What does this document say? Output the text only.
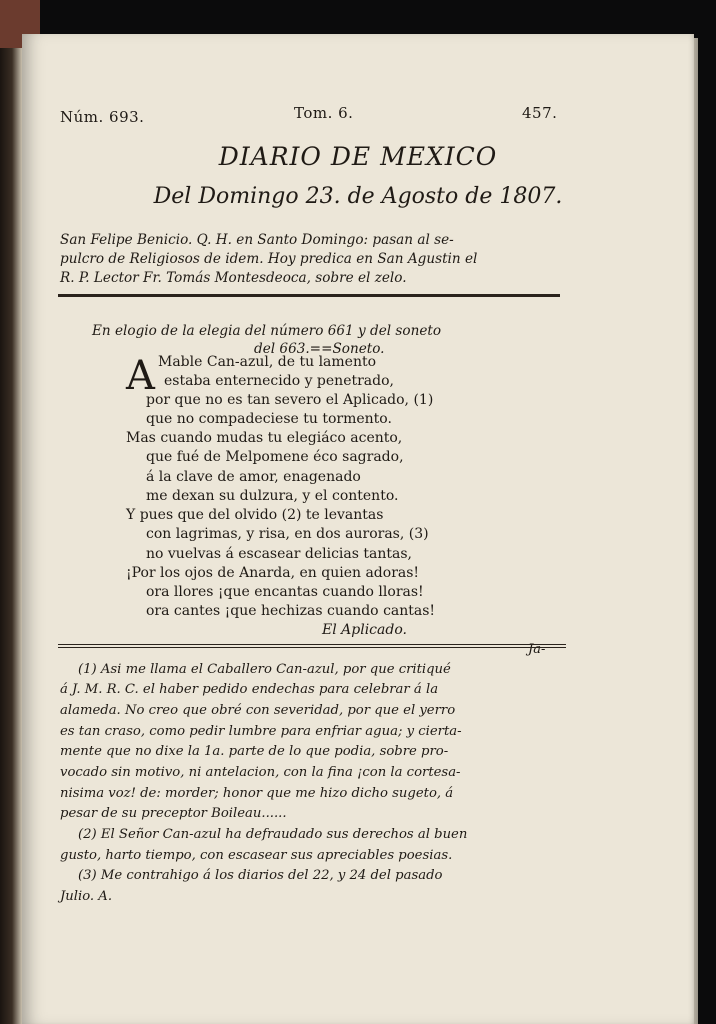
Núm. 693.	Tom. 6.	457.
DIARIO DE MEXICO
Del Domingo 23. de Agosto de 1807.
San Felipe Benicio. Q. H. en Santo Domingo: pasan al se-
pulcro de Religiosos de idem. Hoy predica en San Agustin el
R. P. Lector Fr. Tomás Montesdeoca, sobre el zelo.
En elogio de la elegia del número 661 y del soneto
del 663.==Soneto.
A Mable Can-azul, de tu lamento
estaba enternecido y penetrado,
por que no es tan severo el Aplicado, (1)
que no compadeciese tu tormento.
Mas cuando mudas tu elegiáco acento,
que fué de Melpomene éco sagrado,
á la clave de amor, enagenado
me dexan su dulzura, y el contento.
Y pues que del olvido (2) te levantas
con lagrimas, y risa, en dos auroras, (3)
no vuelvas á escasear delicias tantas,
¡Por los ojos de Anarda, en quien adoras!
ora llores ¡que encantas cuando lloras!
ora cantes ¡que hechizas cuando cantas!
El Aplicado.
Ja-
(1) Asi me llama el Caballero Can-azul, por que critiqué
á J. M. R. C. el haber pedido endechas para celebrar á la
alameda. No creo que obré con severidad, por que el yerro
es tan craso, como pedir lumbre para enfriar agua; y cierta-
mente que no dixe la 1a. parte de lo que podia, sobre pro-
vocado sin motivo, ni antelacion, con la fina ¡con la cortesa-
nisima voz! de: morder; honor que me hizo dicho sugeto, á
pesar de su preceptor Boileau......
(2) El Señor Can-azul ha defraudado sus derechos al buen
gusto, harto tiempo, con escasear sus apreciables poesias.
(3) Me contrahigo á los diarios del 22, y 24 del pasado
Julio. A.
